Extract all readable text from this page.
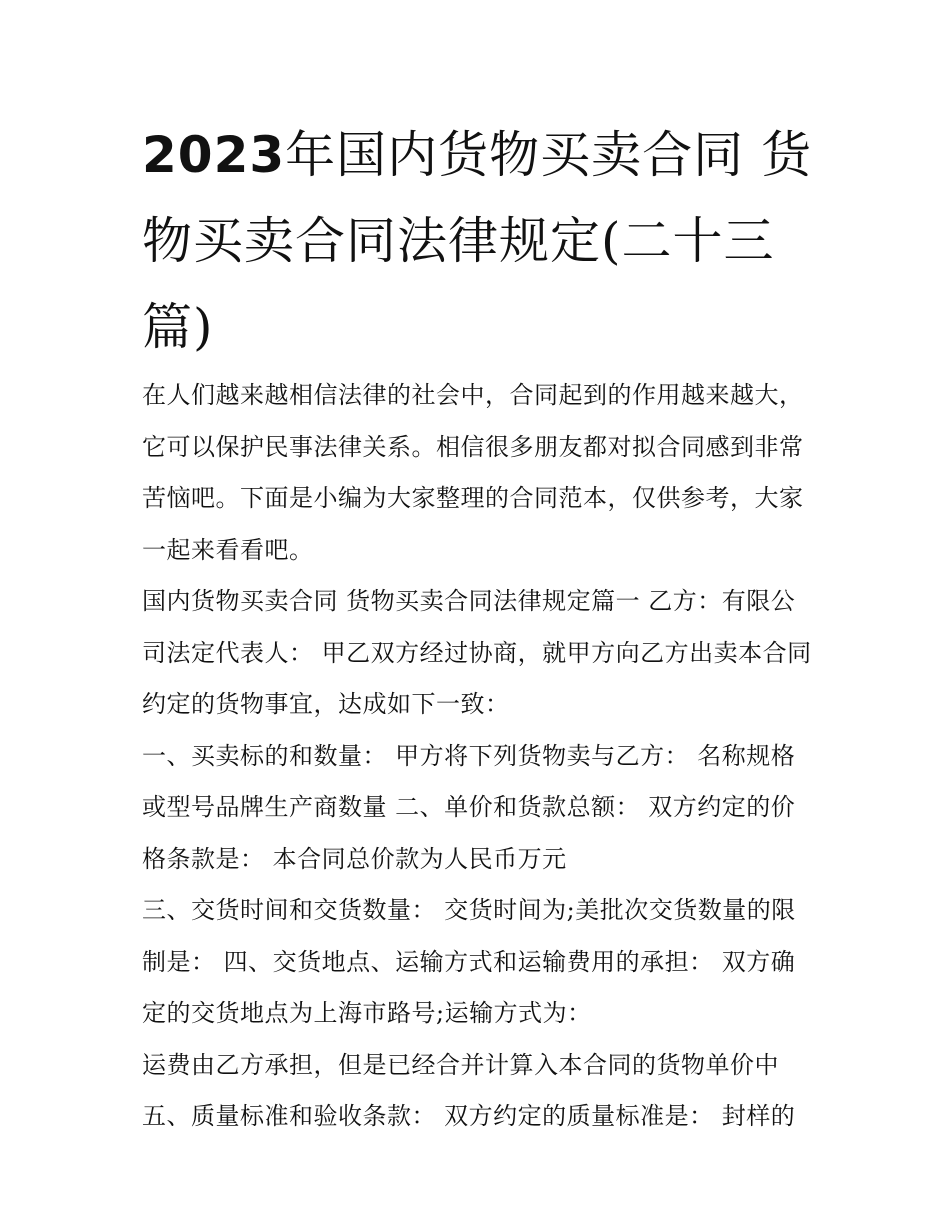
2023年国内货物买卖合同 货物买卖合同法律规定(二十三篇)

在人们越来越相信法律的社会中，合同起到的作用越来越大，它可以保护民事法律关系。相信很多朋友都对拟合同感到非常苦恼吧。下面是小编为大家整理的合同范本，仅供参考，大家一起来看看吧。

国内货物买卖合同 货物买卖合同法律规定篇一 乙方：有限公司法定代表人： 甲乙双方经过协商，就甲方向乙方出卖本合同约定的货物事宜，达成如下一致：

一、买卖标的和数量： 甲方将下列货物卖与乙方： 名称规格或型号品牌生产商数量 二、单价和货款总额： 双方约定的价格条款是： 本合同总价款为人民币万元

三、交货时间和交货数量： 交货时间为;美批次交货数量的限制是： 四、交货地点、运输方式和运输费用的承担： 双方确定的交货地点为上海市路号;运输方式为：

运费由乙方承担，但是已经合并计算入本合同的货物单价中

五、质量标准和验收条款： 双方约定的质量标准是： 封样的
